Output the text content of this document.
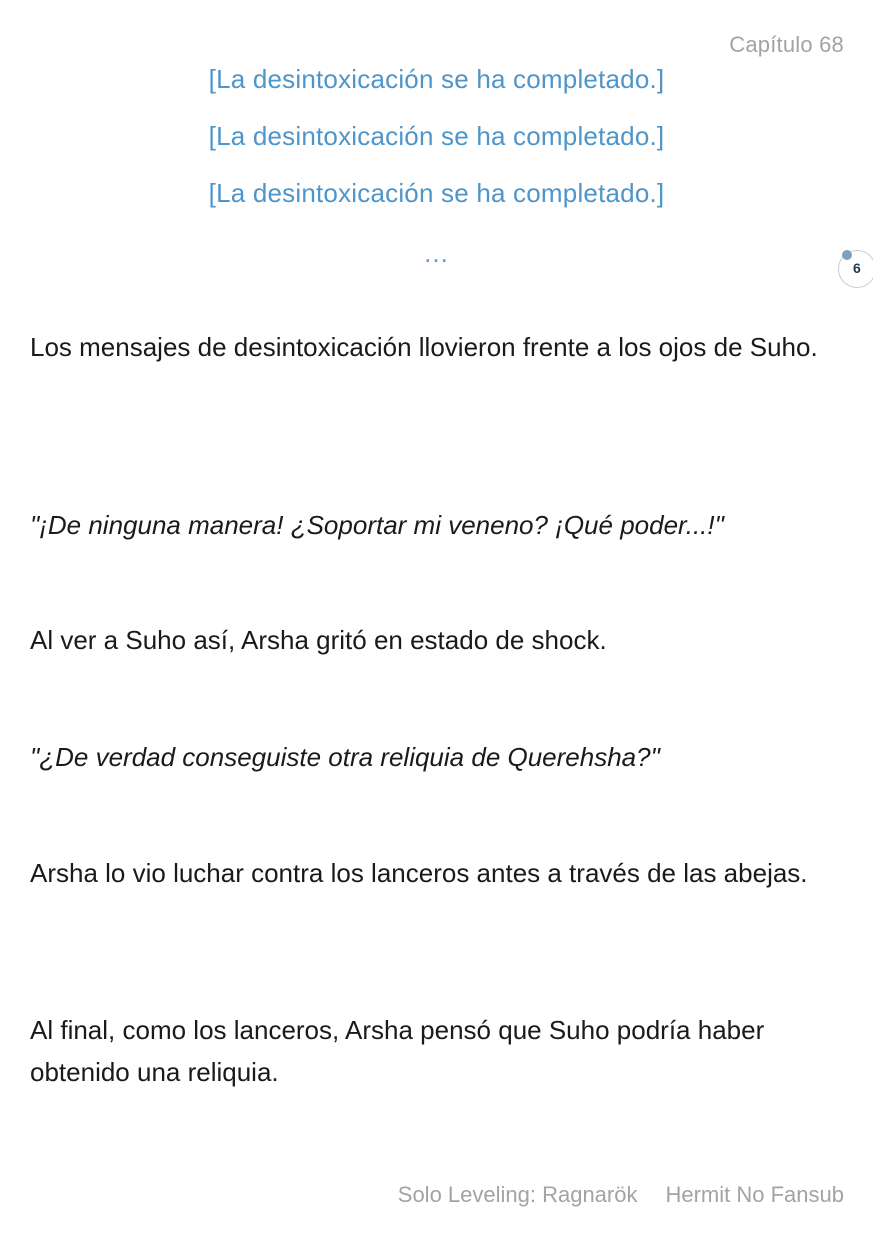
Capítulo 68
[La desintoxicación se ha completado.]
[La desintoxicación se ha completado.]
[La desintoxicación se ha completado.]
...	6

Los mensajes de desintoxicación llovieron frente a los ojos de Suho.

"¡De ninguna manera! ¿Soportar mi veneno? ¡Qué poder...!"

Al ver a Suho así, Arsha gritó en estado de shock.

"¿De verdad conseguiste otra reliquia de Querehsha?"

Arsha lo vio luchar contra los lanceros antes a través de las abejas.

Al final, como los lanceros, Arsha pensó que Suho podría haber obtenido una reliquia.

Solo Leveling: Ragnarök Hermit No Fansub
